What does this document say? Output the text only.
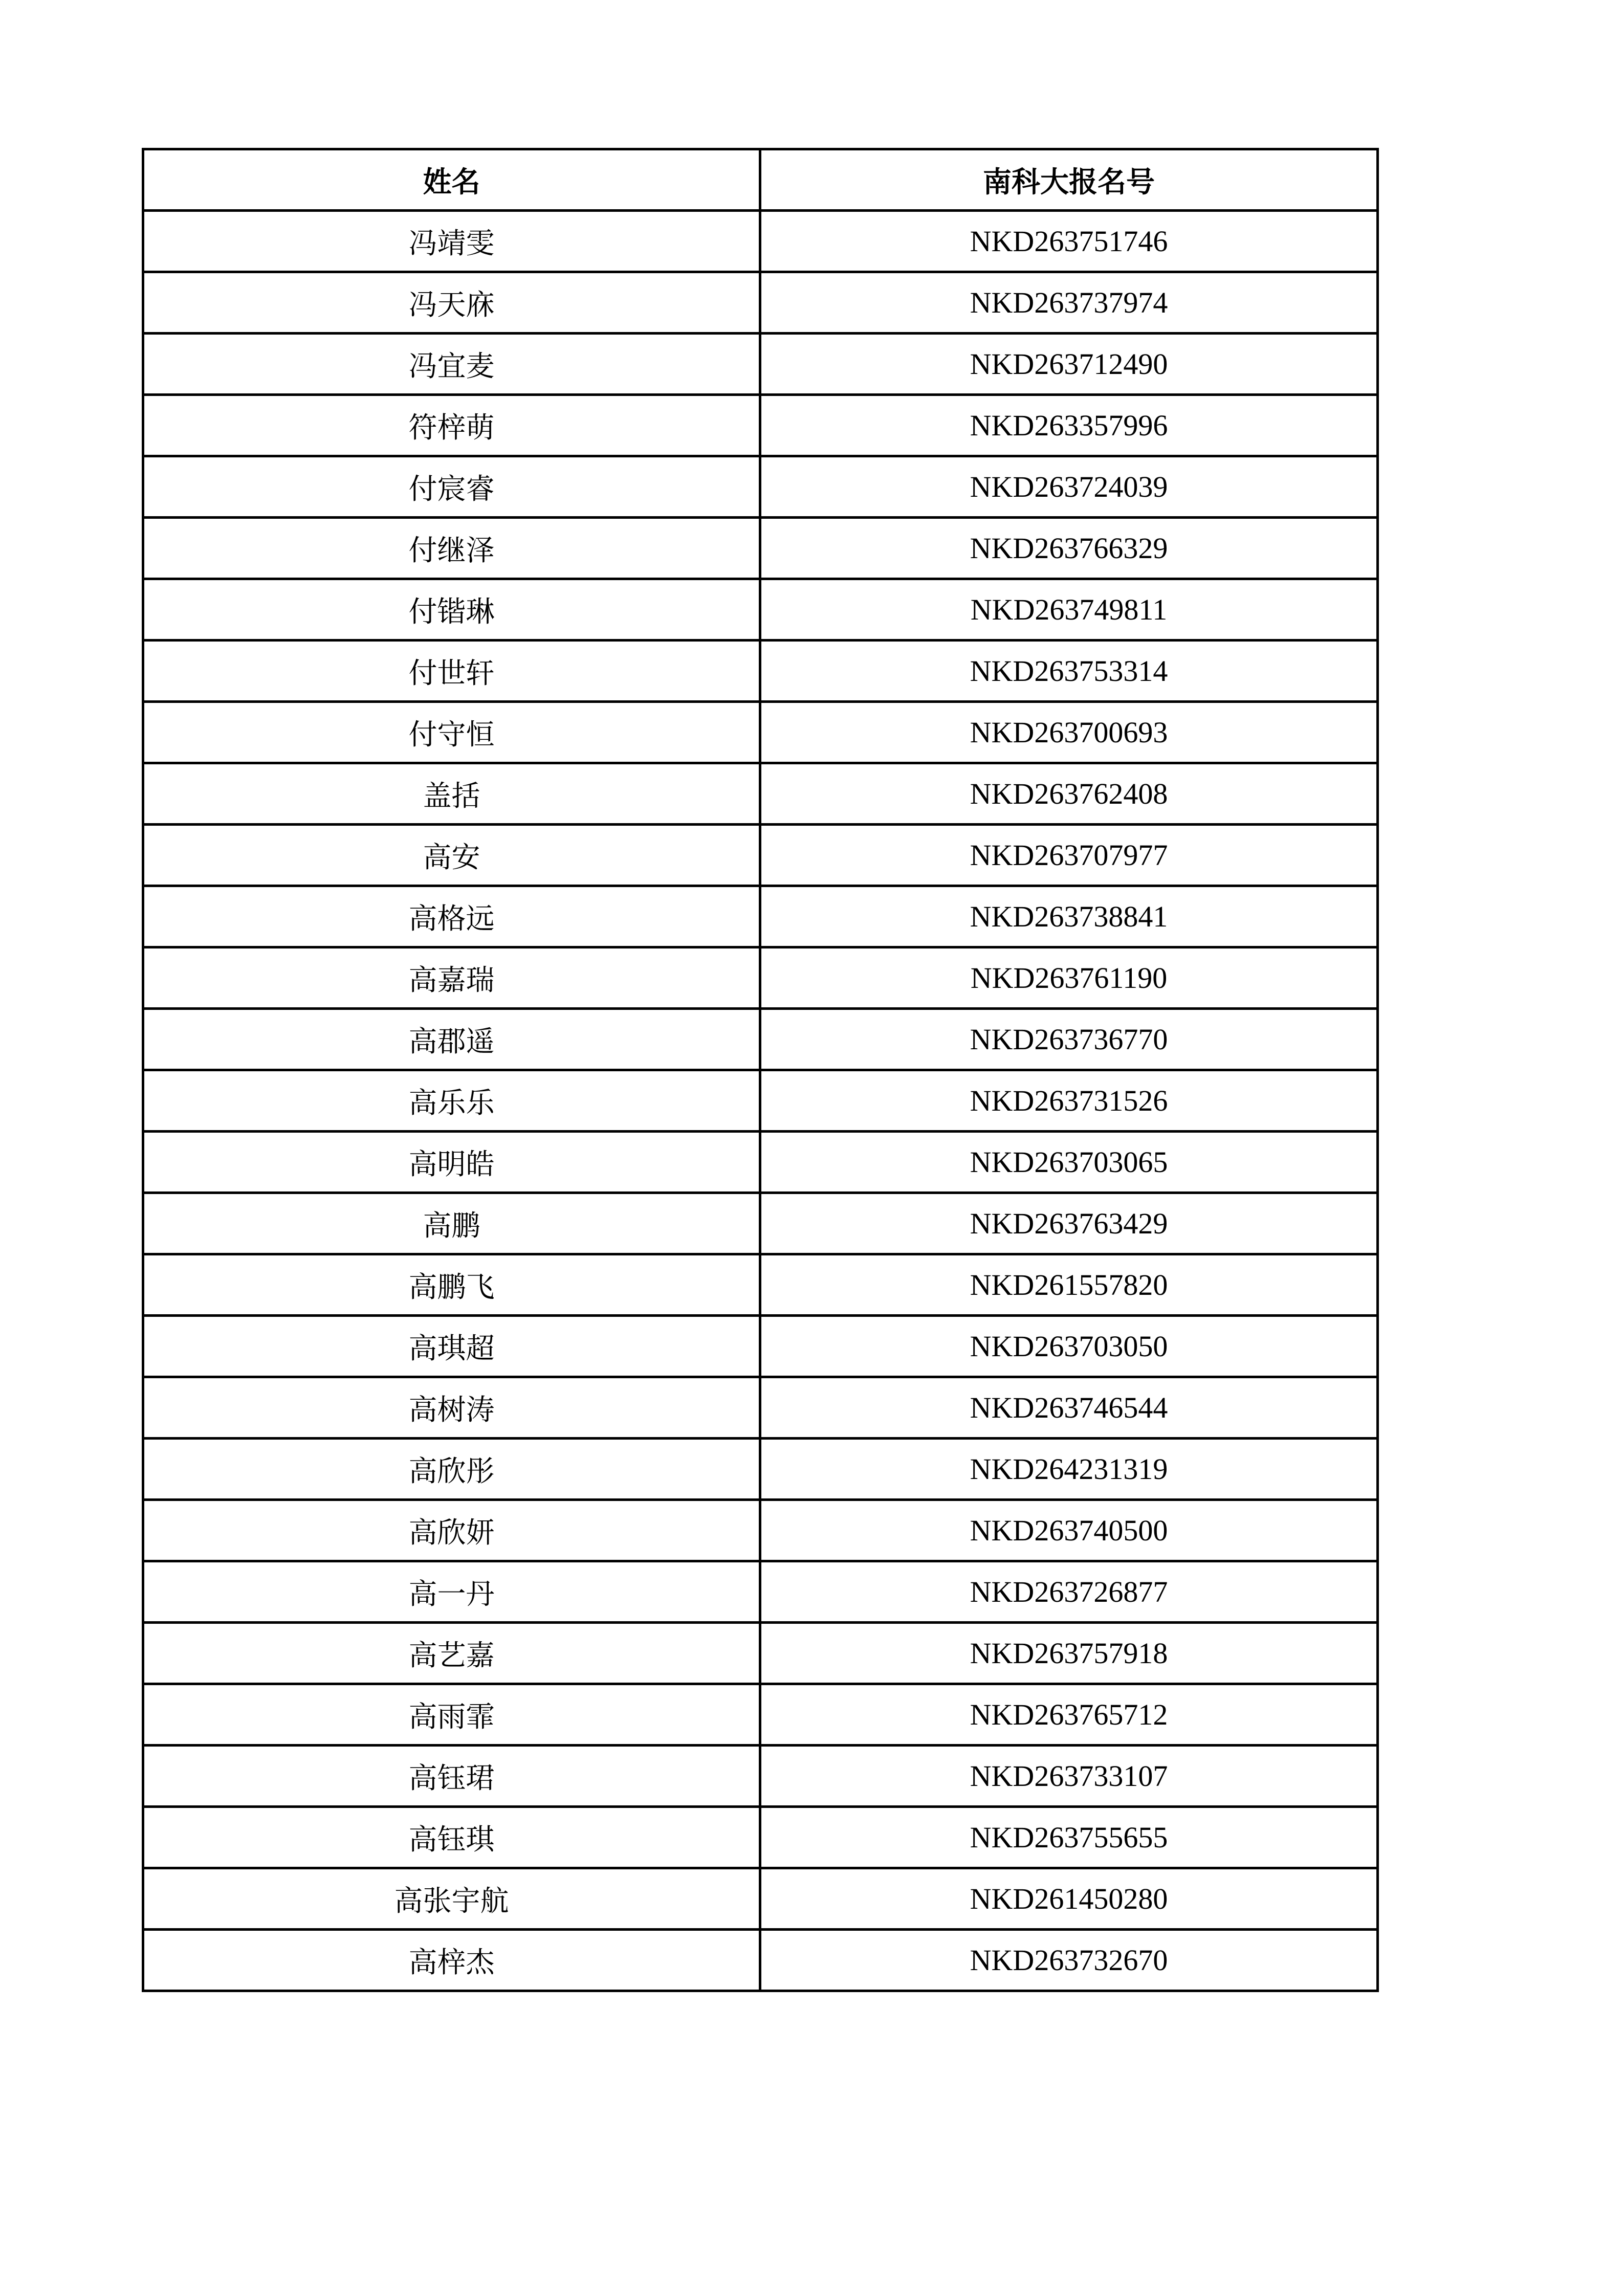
姓名	南科大报名号
冯靖雯	NKD263751746
冯天庥	NKD263737974
冯宜麦	NKD263712490
符梓萌	NKD263357996
付宸睿	NKD263724039
付继泽	NKD263766329
付锴琳	NKD263749811
付世轩	NKD263753314
付守恒	NKD263700693
盖括	NKD263762408
高安	NKD263707977
高格远	NKD263738841
高嘉瑞	NKD263761190
高郡遥	NKD263736770
高乐乐	NKD263731526
高明皓	NKD263703065
高鹏	NKD263763429
高鹏飞	NKD261557820
高琪超	NKD263703050
高树涛	NKD263746544
高欣彤	NKD264231319
高欣妍	NKD263740500
高一丹	NKD263726877
高艺嘉	NKD263757918
高雨霏	NKD263765712
高钰珺	NKD263733107
高钰琪	NKD263755655
高张宇航	NKD261450280
高梓杰	NKD263732670
